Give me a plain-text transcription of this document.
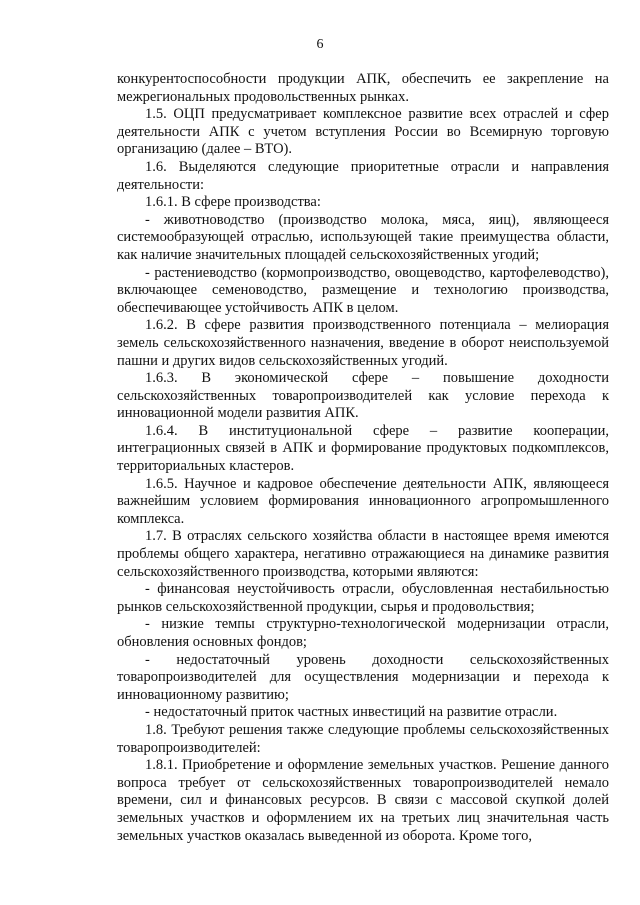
6

конкурентоспособности продукции АПК, обеспечить ее закрепление на межрегиональных продовольственных рынках.

1.5. ОЦП предусматривает комплексное развитие всех отраслей и сфер деятельности АПК с учетом вступления России во Всемирную торговую организацию (далее – ВТО).

1.6. Выделяются следующие приоритетные отрасли и направления деятельности:

1.6.1. В сфере производства:

- животноводство (производство молока, мяса, яиц), являющееся системообразующей отраслью, использующей такие преимущества области, как наличие значительных площадей сельскохозяйственных угодий;

- растениеводство (кормопроизводство, овощеводство, картофелеводство), включающее семеноводство, размещение и технологию производства, обеспечивающее устойчивость АПК в целом.

1.6.2. В сфере развития производственного потенциала – мелиорация земель сельскохозяйственного назначения, введение в оборот неиспользуемой пашни и других видов сельскохозяйственных угодий.

1.6.3. В экономической сфере – повышение доходности сельскохозяйственных товаропроизводителей как условие перехода к инновационной модели развития АПК.

1.6.4. В институциональной сфере – развитие кооперации, интеграционных связей в АПК и формирование продуктовых подкомплексов, территориальных кластеров.

1.6.5. Научное и кадровое обеспечение деятельности АПК, являющееся важнейшим условием формирования инновационного агропромышленного комплекса.

1.7. В отраслях сельского хозяйства области в настоящее время имеются проблемы общего характера, негативно отражающиеся на динамике развития сельскохозяйственного производства, которыми являются:

- финансовая неустойчивость отрасли, обусловленная нестабильностью рынков сельскохозяйственной продукции, сырья и продовольствия;

- низкие темпы структурно-технологической модернизации отрасли, обновления основных фондов;

- недостаточный уровень доходности сельскохозяйственных товаропроизводителей для осуществления модернизации и перехода к инновационному развитию;

- недостаточный приток частных инвестиций на развитие отрасли.

1.8. Требуют решения также следующие проблемы сельскохозяйственных товаропроизводителей:

1.8.1. Приобретение и оформление земельных участков. Решение данного вопроса требует от сельскохозяйственных товаропроизводителей немало времени, сил и финансовых ресурсов. В связи с массовой скупкой долей земельных участков и оформлением их на третьих лиц значительная часть земельных участков оказалась выведенной из оборота. Кроме того,
